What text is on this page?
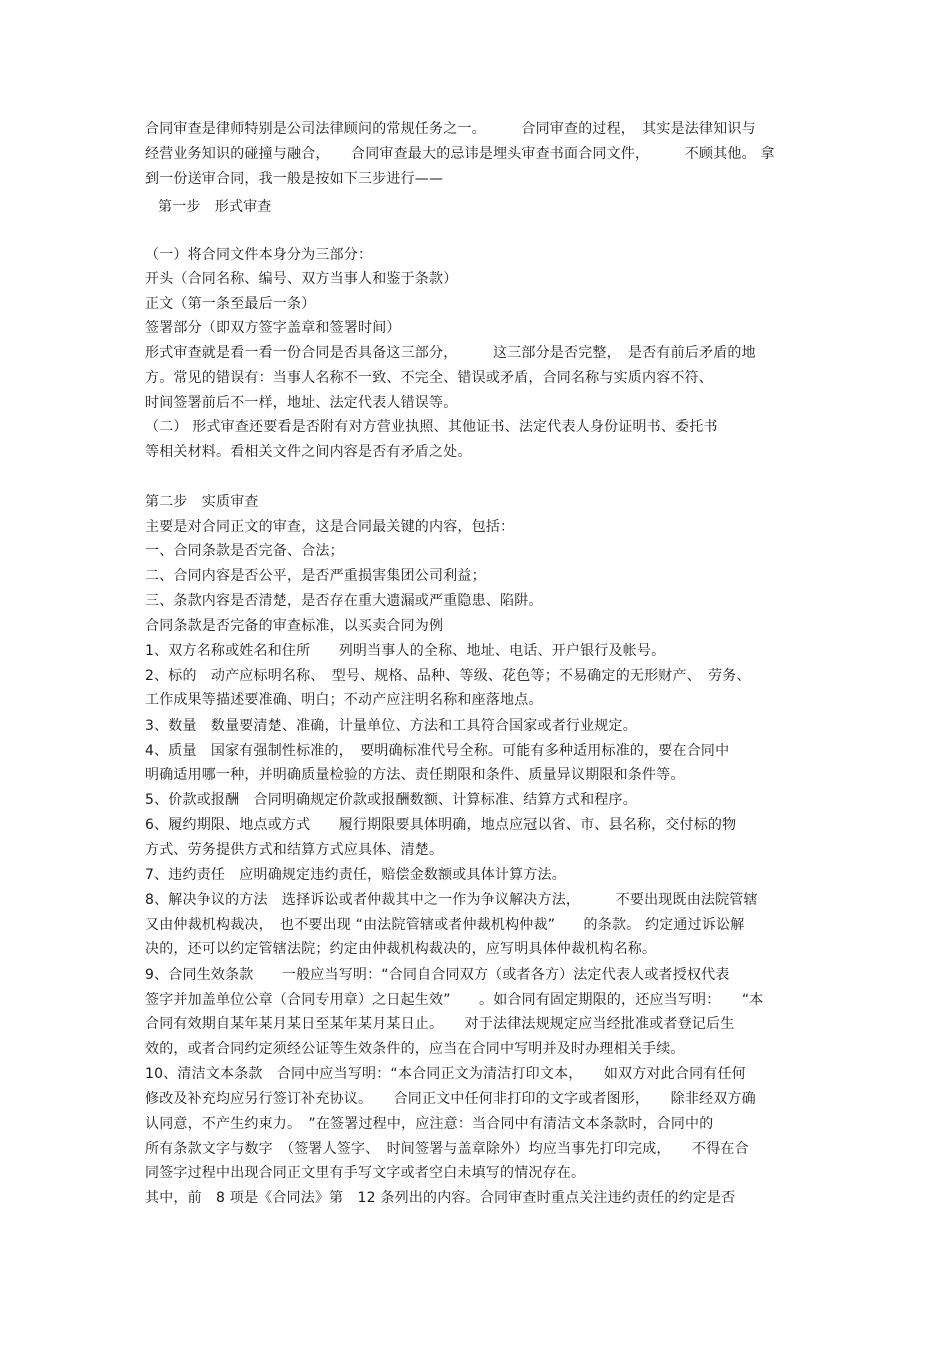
合同审查是律师特别是公司法律顾问的常规任务之一。　　　合同审查的过程，　其实是法律知识与
经营业务知识的碰撞与融合，　　合同审查最大的忌讳是埋头审查书面合同文件，　　　不顾其他。 拿
到一份送审合同，我一般是按如下三步进行——
第一步　形式审查
（一）将合同文件本身分为三部分：
开头（合同名称、编号、双方当事人和鉴于条款）
正文（第一条至最后一条）
签署部分（即双方签字盖章和签署时间）
形式审查就是看一看一份合同是否具备这三部分，　　　这三部分是否完整，　是否有前后矛盾的地
方。常见的错误有：当事人名称不一致、不完全、错误或矛盾，合同名称与实质内容不符、
时间签署前后不一样，地址、法定代表人错误等。
（二） 形式审查还要看是否附有对方营业执照、其他证书、法定代表人身份证明书、委托书
等相关材料。看相关文件之间内容是否有矛盾之处。
第二步　实质审查
主要是对合同正文的审查，这是合同最关键的内容，包括：
一、合同条款是否完备、合法；
二、合同内容是否公平，是否严重损害集团公司利益；
三、条款内容是否清楚，是否存在重大遗漏或严重隐患、陷阱。
合同条款是否完备的审查标准，以买卖合同为例
1、双方名称或姓名和住所　　列明当事人的全称、地址、电话、开户银行及帐号。
2、标的　动产应标明名称、　型号、规格、品种、等级、花色等；不易确定的无形财产、　劳务、
工作成果等描述要准确、明白；不动产应注明名称和座落地点。
3、数量　数量要清楚、准确，计量单位、方法和工具符合国家或者行业规定。
4、质量　国家有强制性标准的，　要明确标准代号全称。可能有多种适用标准的，要在合同中
明确适用哪一种，并明确质量检验的方法、责任期限和条件、质量异议期限和条件等。
5、价款或报酬　合同明确规定价款或报酬数额、计算标准、结算方式和程序。
6、履约期限、地点或方式　　履行期限要具体明确，地点应冠以省、市、县名称，交付标的物
方式、劳务提供方式和结算方式应具体、清楚。
7、违约责任　应明确规定违约责任，赔偿金数额或具体计算方法。
8、解决争议的方法　选择诉讼或者仲裁其中之一作为争议解决方法，　　　不要出现既由法院管辖
又由仲裁机构裁决，　也不要出现 “由法院管辖或者仲裁机构仲裁”　　的条款。 约定通过诉讼解
决的，还可以约定管辖法院；约定由仲裁机构裁决的，应写明具体仲裁机构名称。
9、合同生效条款　　一般应当写明：“合同自合同双方（或者各方）法定代表人或者授权代表
签字并加盖单位公章（合同专用章）之日起生效”　　。如合同有固定期限的，还应当写明：　　“本
合同有效期自某年某月某日至某年某月某日止。　　对于法律法规规定应当经批准或者登记后生
效的，或者合同约定须经公证等生效条件的，应当在合同中写明并及时办理相关手续。
10、清洁文本条款　合同中应当写明：“本合同正文为清洁打印文本，　　如双方对此合同有任何
修改及补充均应另行签订补充协议。　　合同正文中任何非打印的文字或者图形，　　除非经双方确
认同意，不产生约束力。　”在签署过程中，应注意：当合同中有清洁文本条款时，合同中的
所有条款文字与数字　（签署人签字、　时间签署与盖章除外）均应当事先打印完成，　　不得在合
同签字过程中出现合同正文里有手写文字或者空白未填写的情况存在。
其中，前　8 项是《合同法》第　12 条列出的内容。合同审查时重点关注违约责任的约定是否
